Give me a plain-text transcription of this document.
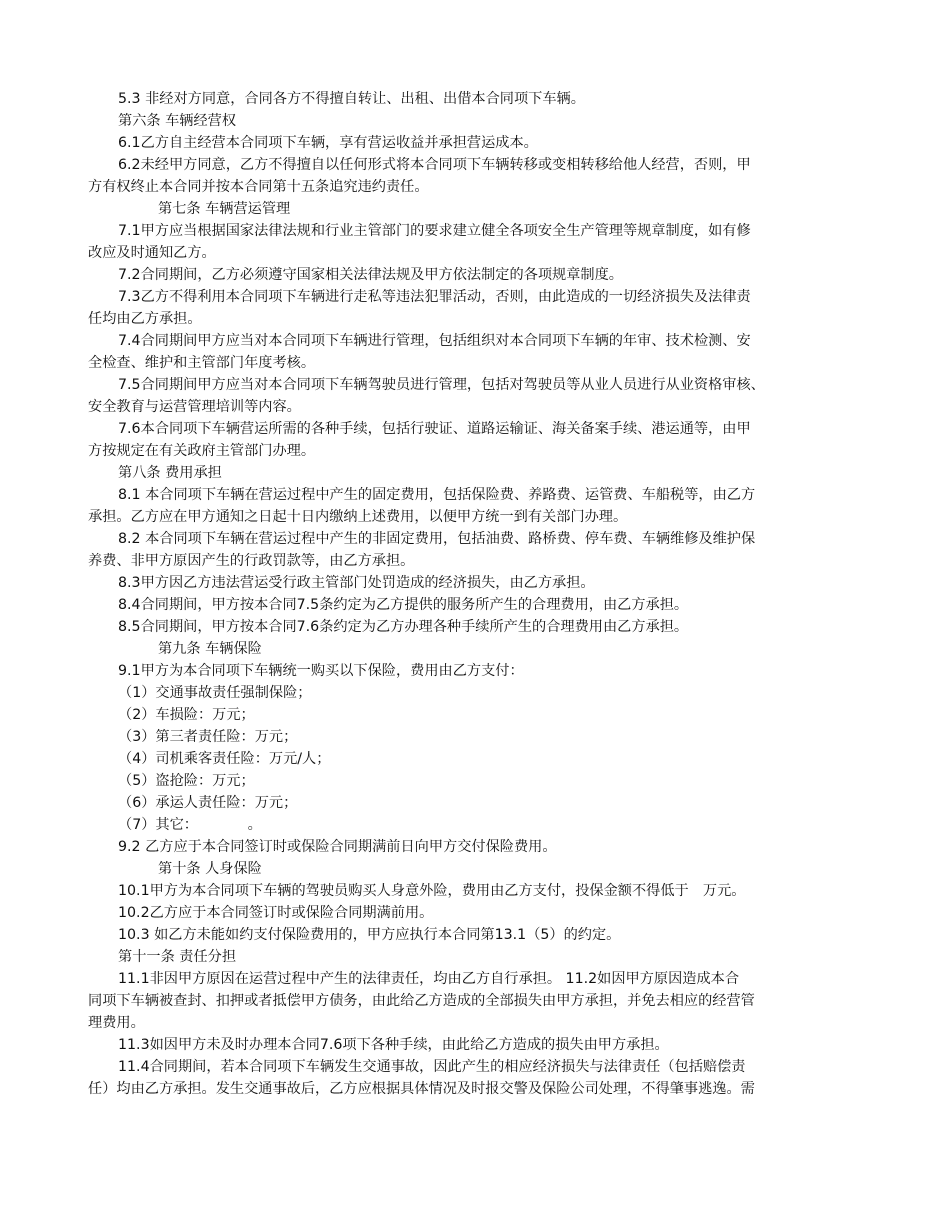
5.3 非经对方同意，合同各方不得擅自转让、出租、出借本合同项下车辆。
第六条 车辆经营权
6.1乙方自主经营本合同项下车辆，享有营运收益并承担营运成本。
6.2未经甲方同意，乙方不得擅自以任何形式将本合同项下车辆转移或变相转移给他人经营，否则，甲
方有权终止本合同并按本合同第十五条追究违约责任。
第七条 车辆营运管理
7.1甲方应当根据国家法律法规和行业主管部门的要求建立健全各项安全生产管理等规章制度，如有修
改应及时通知乙方。
7.2合同期间，乙方必须遵守国家相关法律法规及甲方依法制定的各项规章制度。
7.3乙方不得利用本合同项下车辆进行走私等违法犯罪活动，否则，由此造成的一切经济损失及法律责
任均由乙方承担。
7.4合同期间甲方应当对本合同项下车辆进行管理，包括组织对本合同项下车辆的年审、技术检测、安
全检查、维护和主管部门年度考核。
7.5合同期间甲方应当对本合同项下车辆驾驶员进行管理，包括对驾驶员等从业人员进行从业资格审核、
安全教育与运营管理培训等内容。
7.6本合同项下车辆营运所需的各种手续，包括行驶证、道路运输证、海关备案手续、港运通等，由甲
方按规定在有关政府主管部门办理。
第八条 费用承担
8.1 本合同项下车辆在营运过程中产生的固定费用，包括保险费、养路费、运管费、车船税等，由乙方
承担。乙方应在甲方通知之日起十日内缴纳上述费用，以便甲方统一到有关部门办理。
8.2 本合同项下车辆在营运过程中产生的非固定费用，包括油费、路桥费、停车费、车辆维修及维护保
养费、非甲方原因产生的行政罚款等，由乙方承担。
8.3甲方因乙方违法营运受行政主管部门处罚造成的经济损失，由乙方承担。
8.4合同期间，甲方按本合同7.5条约定为乙方提供的服务所产生的合理费用，由乙方承担。
8.5合同期间，甲方按本合同7.6条约定为乙方办理各种手续所产生的合理费用由乙方承担。
第九条 车辆保险
9.1甲方为本合同项下车辆统一购买以下保险，费用由乙方支付：
（1）交通事故责任强制保险；
（2）车损险：万元；
（3）第三者责任险：万元；
（4）司机乘客责任险：万元/人；
（5）盗抢险：万元；
（6）承运人责任险：万元；
（7）其它：　　　　。
9.2 乙方应于本合同签订时或保险合同期满前日向甲方交付保险费用。
第十条 人身保险
10.1甲方为本合同项下车辆的驾驶员购买人身意外险，费用由乙方支付，投保金额不得低于　万元。
10.2乙方应于本合同签订时或保险合同期满前用。
10.3 如乙方未能如约支付保险费用的，甲方应执行本合同第13.1（5）的约定。
第十一条 责任分担
11.1非因甲方原因在运营过程中产生的法律责任，均由乙方自行承担。 11.2如因甲方原因造成本合
同项下车辆被查封、扣押或者抵偿甲方债务，由此给乙方造成的全部损失由甲方承担，并免去相应的经营管
理费用。
11.3如因甲方未及时办理本合同7.6项下各种手续，由此给乙方造成的损失由甲方承担。
11.4合同期间，若本合同项下车辆发生交通事故，因此产生的相应经济损失与法律责任（包括赔偿责
任）均由乙方承担。发生交通事故后，乙方应根据具体情况及时报交警及保险公司处理，不得肇事逃逸。需
